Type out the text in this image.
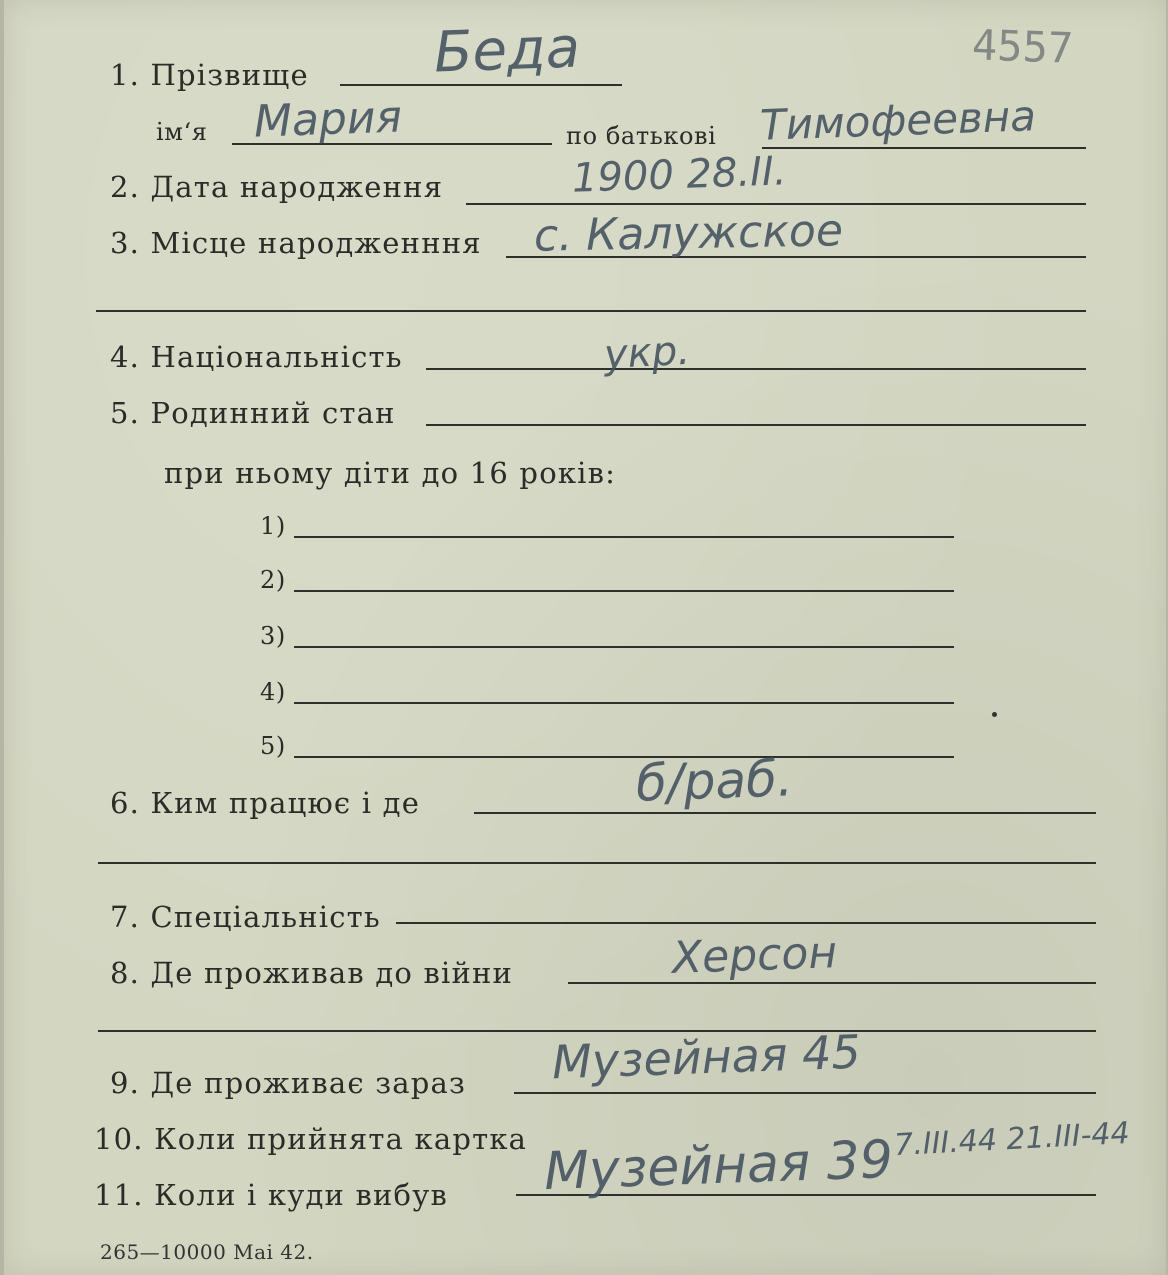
4557
1. Прізвище Беда
ім‘я Мария	по батькові Тимофеевна
2. Дата народження	1900 28.II.
3. Місце народженння с. Калужское
4. Національність	укр.
5. Родинний стан
при ньому діти до 16 років:
1)
2)
3)
4)
5)
6. Ким працює і де	б/раб.
7. Спеціальність
8. Де проживав до війни	Херсон
9. Де проживає зараз Музейная 45
10. Коли прийнята картка
11. Коли і куди вибув Музейная 39 7.III.44 21.III-44
265—10000 Mai 42.
